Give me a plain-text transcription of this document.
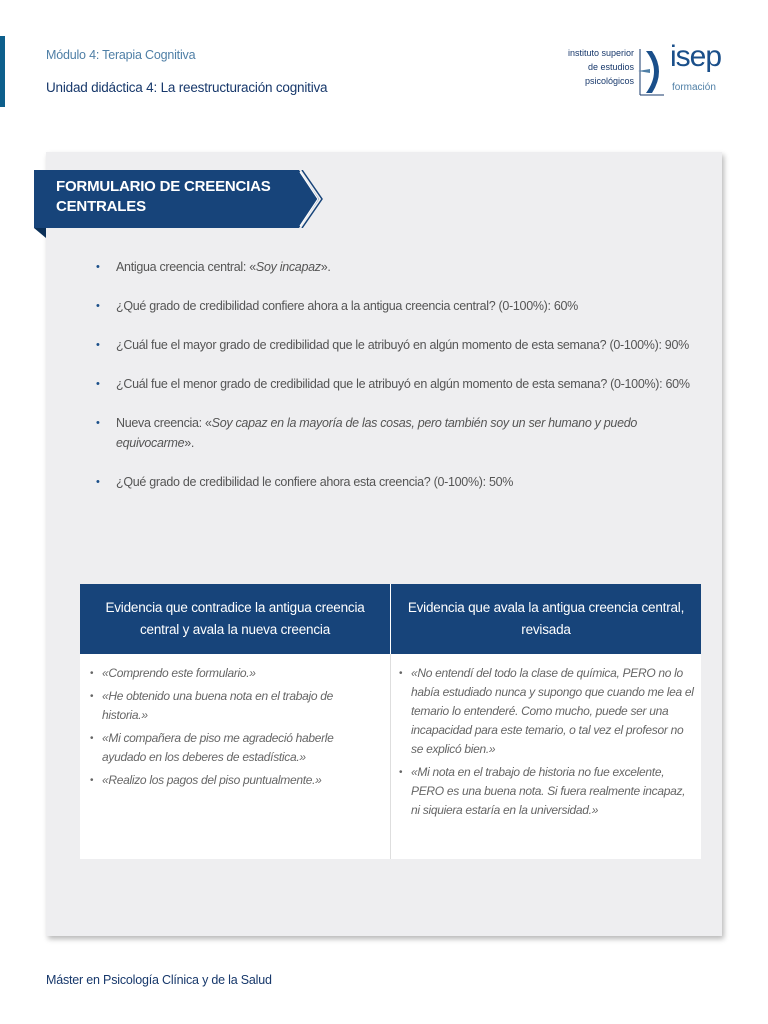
Módulo 4: Terapia Cognitiva
Unidad didáctica 4: La reestructuración cognitiva
instituto superior
de estudios
psicológicos
isep
formación
FORMULARIO DE CREENCIAS CENTRALES
• Antigua creencia central: «Soy incapaz».
• ¿Qué grado de credibilidad confiere ahora a la antigua creencia central? (0-100%): 60%
• ¿Cuál fue el mayor grado de credibilidad que le atribuyó en algún momento de esta semana? (0-100%): 90%
• ¿Cuál fue el menor grado de credibilidad que le atribuyó en algún momento de esta semana? (0-100%): 60%
• Nueva creencia: «Soy capaz en la mayoría de las cosas, pero también soy un ser humano y puedo equivocarme».
• ¿Qué grado de credibilidad le confiere ahora esta creencia? (0-100%): 50%
Evidencia que contradice la antigua creencia central y avala la nueva creencia
Evidencia que avala la antigua creencia central, revisada
• «Comprendo este formulario.»
• «He obtenido una buena nota en el trabajo de historia.»
• «Mi compañera de piso me agradeció haberle ayudado en los deberes de estadística.»
• «Realizo los pagos del piso puntualmente.»
• «No entendí del todo la clase de química, PERO no lo había estudiado nunca y supongo que cuando me lea el temario lo entenderé. Como mucho, puede ser una incapacidad para este temario, o tal vez el profesor no se explicó bien.»
• «Mi nota en el trabajo de historia no fue excelente, PERO es una buena nota. Si fuera realmente incapaz, ni siquiera estaría en la universidad.»
Máster en Psicología Clínica y de la Salud
